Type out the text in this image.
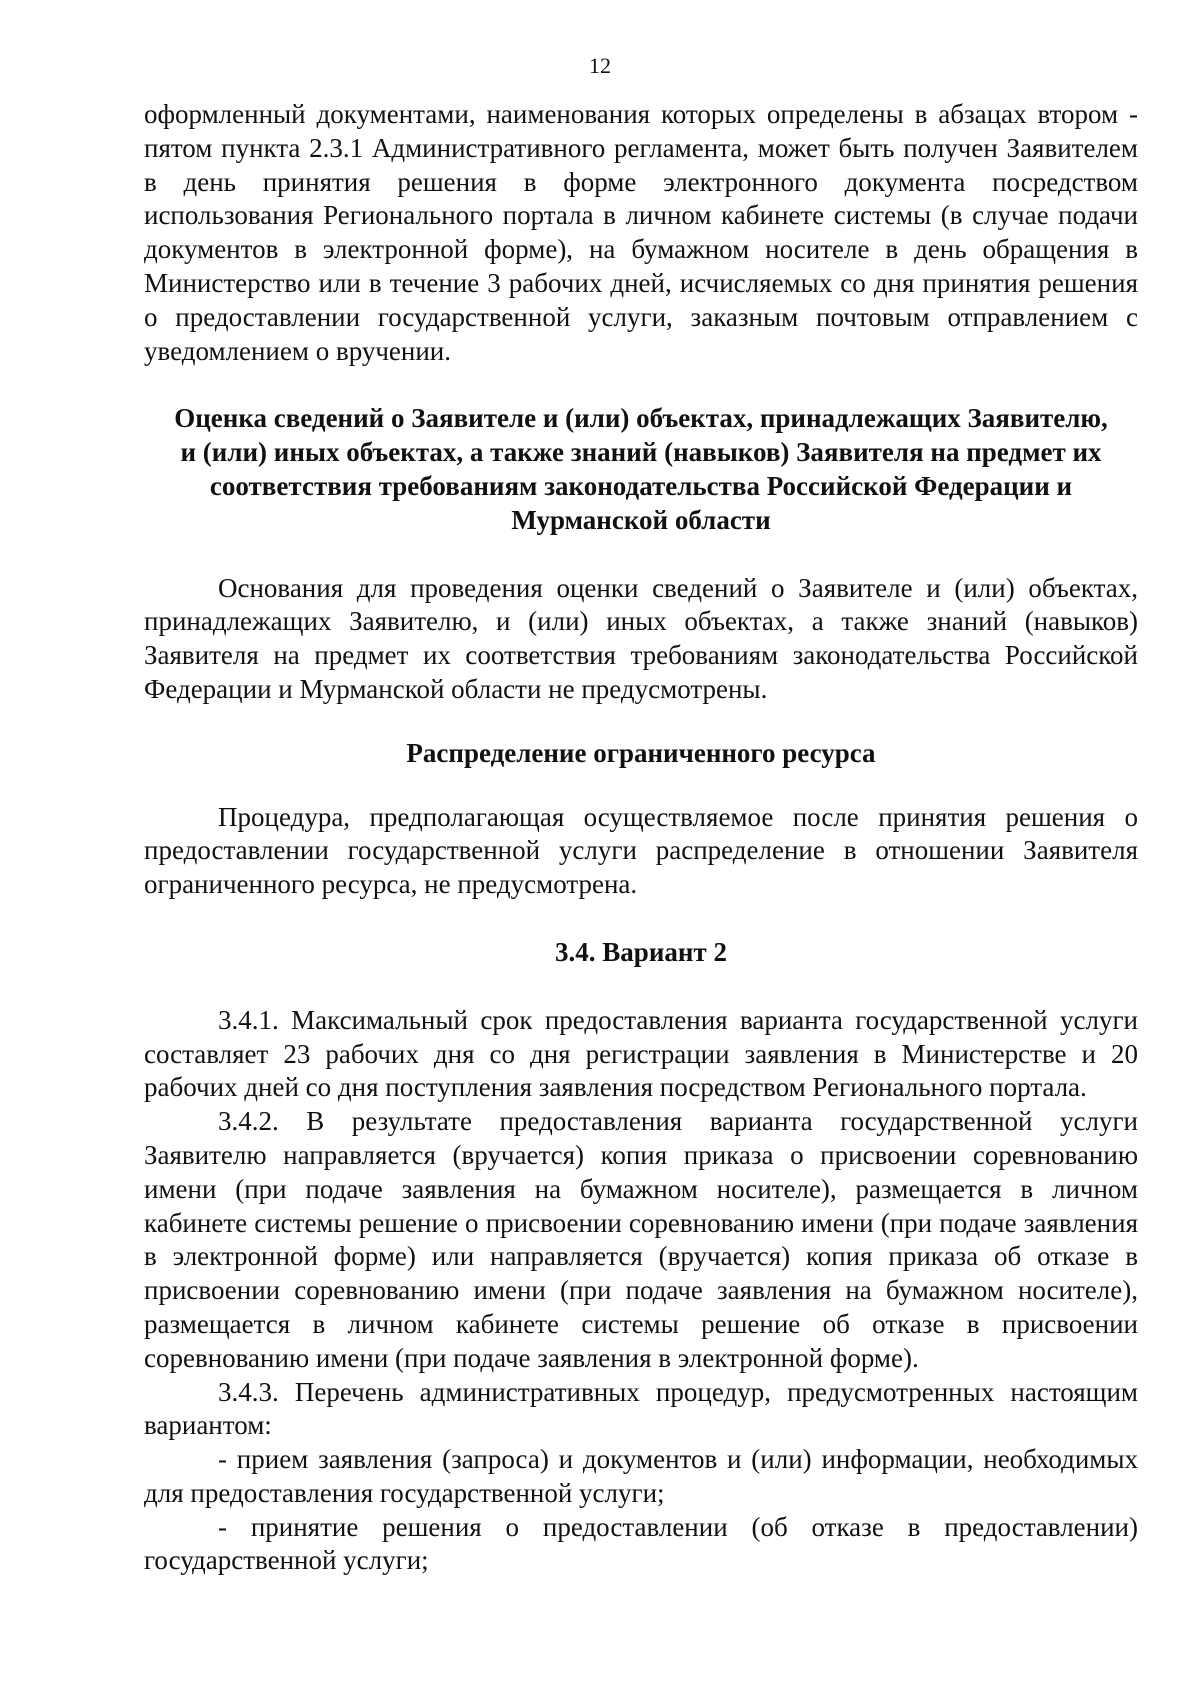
12

оформленный документами, наименования которых определены в абзацах втором - пятом пункта 2.3.1 Административного регламента, может быть получен Заявителем в день принятия решения в форме электронного документа посредством использования Регионального портала в личном кабинете системы (в случае подачи документов в электронной форме), на бумажном носителе в день обращения в Министерство или в течение 3 рабочих дней, исчисляемых со дня принятия решения о предоставлении государственной услуги, заказным почтовым отправлением с уведомлением о вручении.

Оценка сведений о Заявителе и (или) объектах, принадлежащих Заявителю, и (или) иных объектах, а также знаний (навыков) Заявителя на предмет их соответствия требованиям законодательства Российской Федерации и Мурманской области

Основания для проведения оценки сведений о Заявителе и (или) объектах, принадлежащих Заявителю, и (или) иных объектах, а также знаний (навыков) Заявителя на предмет их соответствия требованиям законодательства Российской Федерации и Мурманской области не предусмотрены.

Распределение ограниченного ресурса

Процедура, предполагающая осуществляемое после принятия решения о предоставлении государственной услуги распределение в отношении Заявителя ограниченного ресурса, не предусмотрена.

3.4. Вариант 2

3.4.1. Максимальный срок предоставления варианта государственной услуги составляет 23 рабочих дня со дня регистрации заявления в Министерстве и 20 рабочих дней со дня поступления заявления посредством Регионального портала.

3.4.2. В результате предоставления варианта государственной услуги Заявителю направляется (вручается) копия приказа о присвоении соревнованию имени (при подаче заявления на бумажном носителе), размещается в личном кабинете системы решение о присвоении соревнованию имени (при подаче заявления в электронной форме) или направляется (вручается) копия приказа об отказе в присвоении соревнованию имени (при подаче заявления на бумажном носителе), размещается в личном кабинете системы решение об отказе в присвоении соревнованию имени (при подаче заявления в электронной форме).

3.4.3. Перечень административных процедур, предусмотренных настоящим вариантом:

- прием заявления (запроса) и документов и (или) информации, необходимых для предоставления государственной услуги;

- принятие решения о предоставлении (об отказе в предоставлении) государственной услуги;
